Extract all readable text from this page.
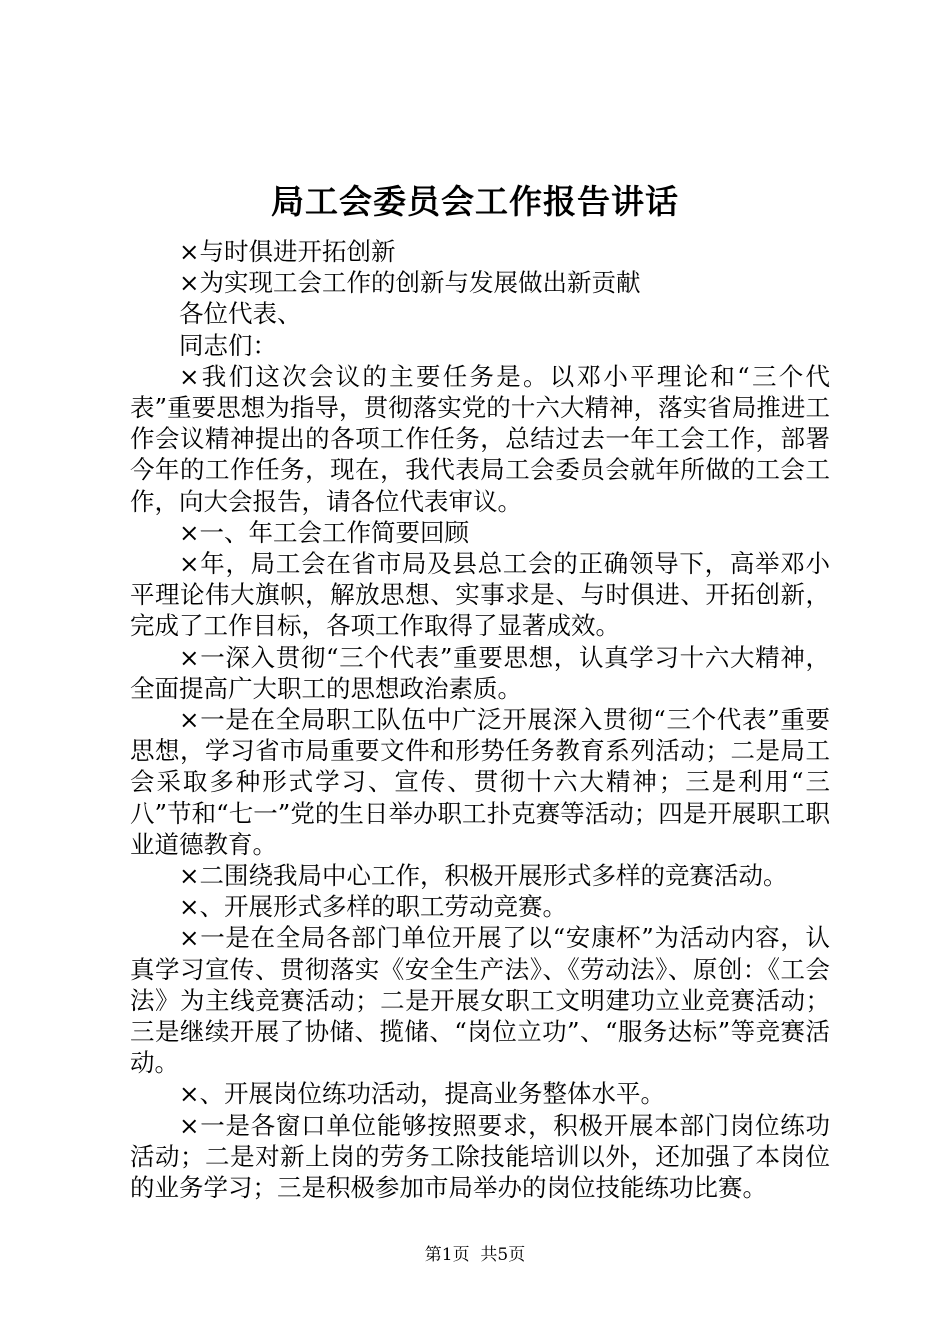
局工会委员会工作报告讲话

×与时俱进开拓创新

×为实现工会工作的创新与发展做出新贡献

各位代表、

同志们：

×我们这次会议的主要任务是。以邓小平理论和“三个代表”重要思想为指导，贯彻落实党的十六大精神，落实省局推进工作会议精神提出的各项工作任务，总结过去一年工会工作，部署今年的工作任务，现在，我代表局工会委员会就年所做的工会工作，向大会报告，请各位代表审议。

×一、年工会工作简要回顾

×年，局工会在省市局及县总工会的正确领导下，高举邓小平理论伟大旗帜，解放思想、实事求是、与时俱进、开拓创新，完成了工作目标，各项工作取得了显著成效。

×一深入贯彻“三个代表”重要思想，认真学习十六大精神，全面提高广大职工的思想政治素质。

×一是在全局职工队伍中广泛开展深入贯彻“三个代表”重要思想，学习省市局重要文件和形势任务教育系列活动；二是局工会采取多种形式学习、宣传、贯彻十六大精神；三是利用“三八”节和“七一”党的生日举办职工扑克赛等活动；四是开展职工职业道德教育。

×二围绕我局中心工作，积极开展形式多样的竞赛活动。

×、开展形式多样的职工劳动竞赛。

×一是在全局各部门单位开展了以“安康杯”为活动内容，认真学习宣传、贯彻落实《安全生产法》、《劳动法》、原创：《工会法》为主线竞赛活动；二是开展女职工文明建功立业竞赛活动；三是继续开展了协储、揽储、“岗位立功”、“服务达标”等竞赛活动。

×、开展岗位练功活动，提高业务整体水平。

×一是各窗口单位能够按照要求，积极开展本部门岗位练功活动；二是对新上岗的劳务工除技能培训以外，还加强了本岗位的业务学习；三是积极参加市局举办的岗位技能练功比赛。

第1页 共5页
